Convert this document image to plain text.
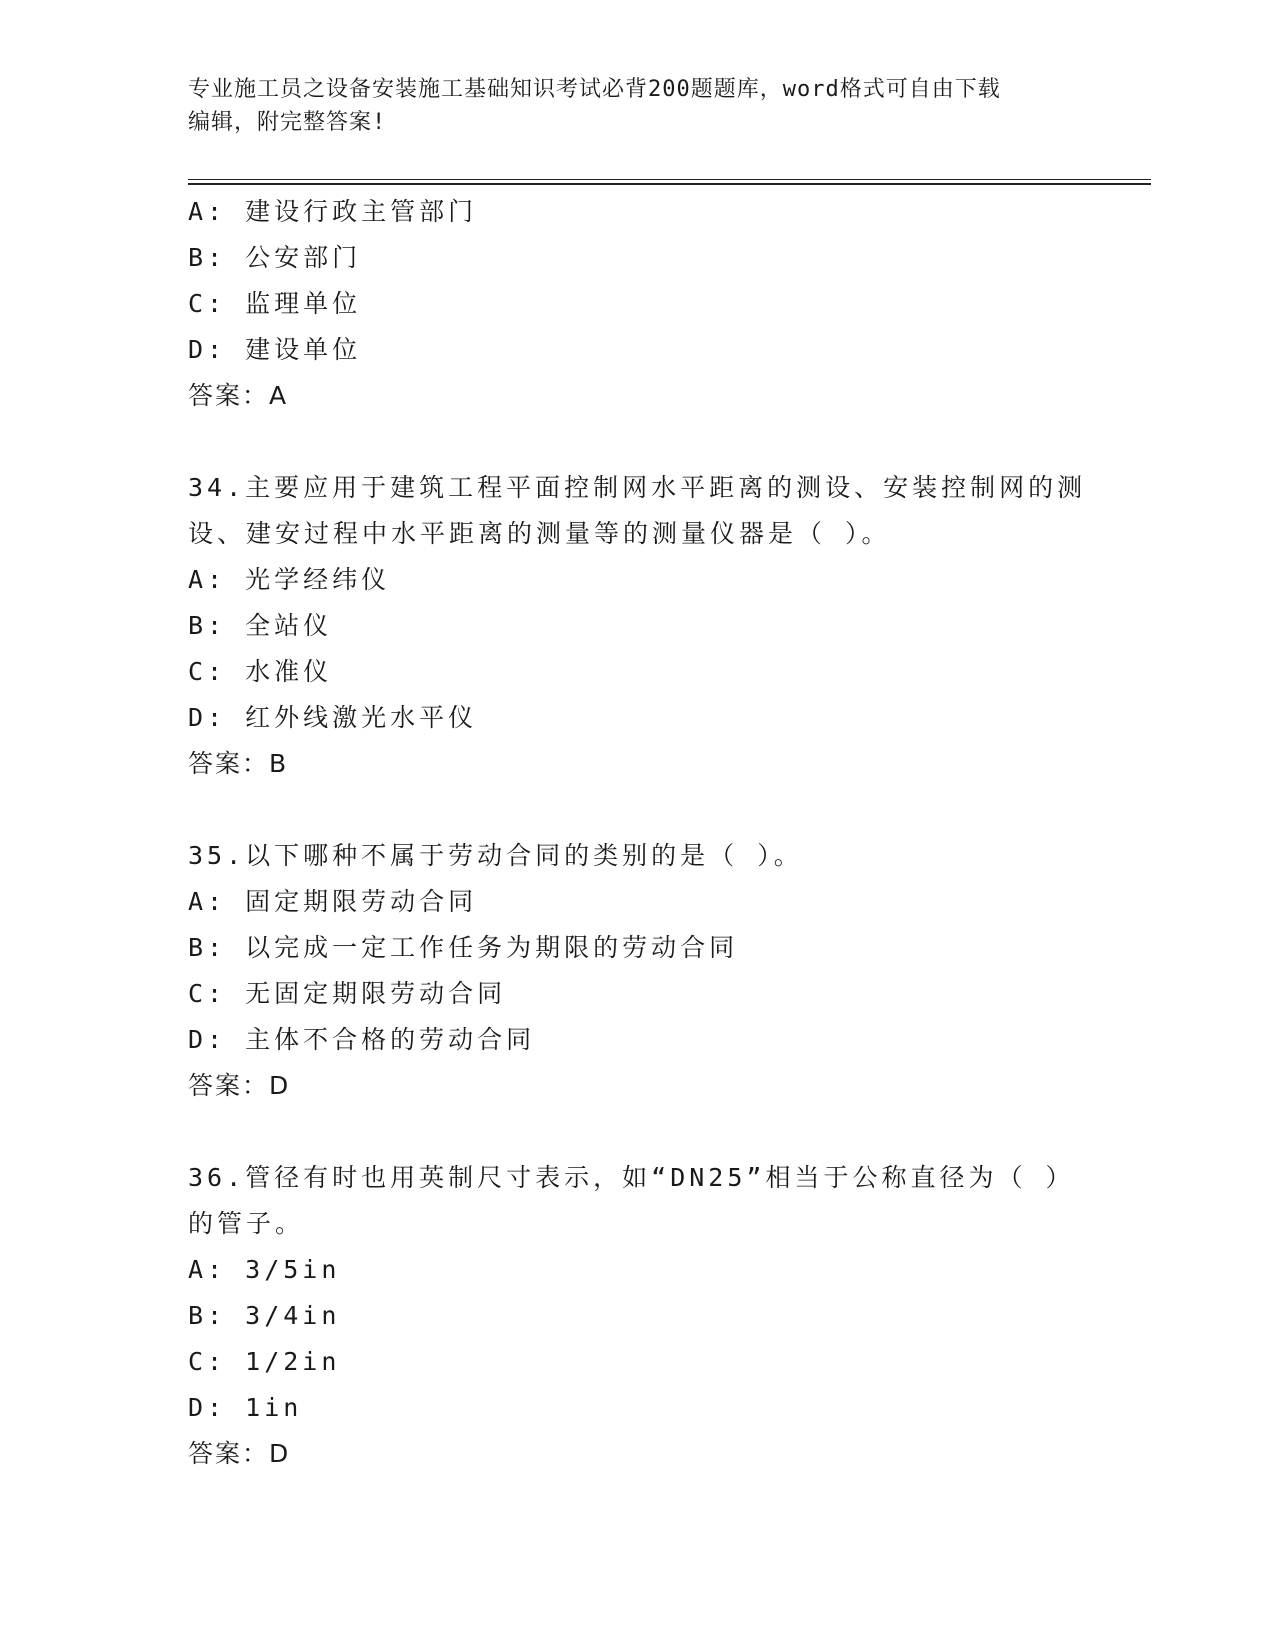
专业施工员之设备安装施工基础知识考试必背200题题库，word格式可自由下载
编辑，附完整答案!
A: 建设行政主管部门
B: 公安部门
C: 监理单位
D: 建设单位
答案：A
34.主要应用于建筑工程平面控制网水平距离的测设、安装控制网的测
设、建安过程中水平距离的测量等的测量仪器是（ ）。
A: 光学经纬仪
B: 全站仪
C: 水准仪
D: 红外线激光水平仪
答案：B
35.以下哪种不属于劳动合同的类别的是（ ）。
A: 固定期限劳动合同
B: 以完成一定工作任务为期限的劳动合同
C: 无固定期限劳动合同
D: 主体不合格的劳动合同
答案：D
36.管径有时也用英制尺寸表示，如“DN25”相当于公称直径为（ ）
的管子。
A: 3/5in
B: 3/4in
C: 1/2in
D: 1in
答案：D
